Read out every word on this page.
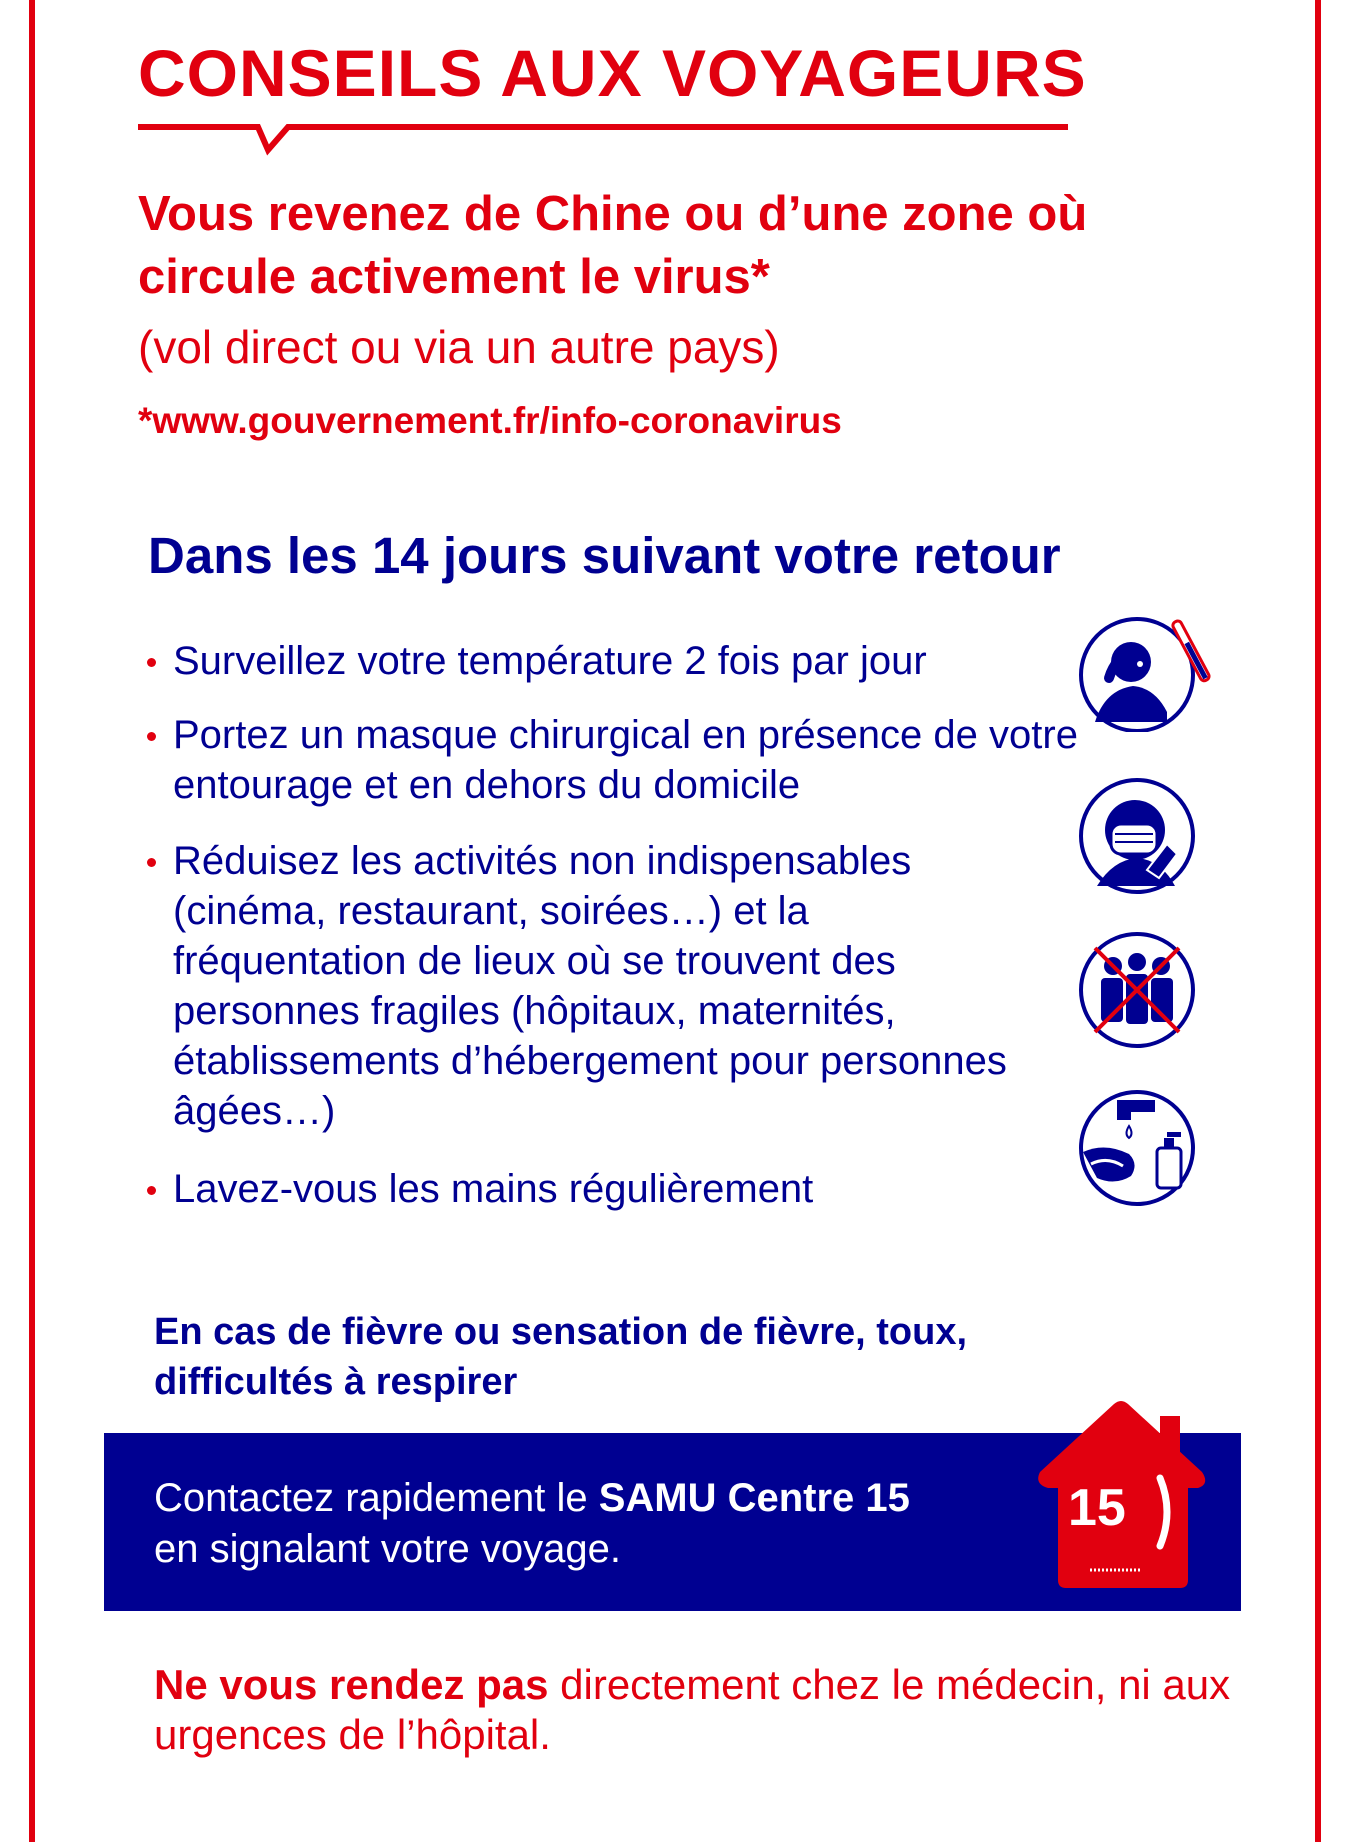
CONSEILS AUX VOYAGEURS

Vous revenez de Chine ou d’une zone où circule activement le virus*

(vol direct ou via un autre pays)

*www.gouvernement.fr/info-coronavirus
Dans les 14 jours suivant votre retour
Surveillez votre température 2 fois par jour
Portez un masque chirurgical en présence de votre entourage et en dehors du domicile
Réduisez les activités non indispensables (cinéma, restaurant, soirées…) et la fréquentation de lieux où se trouvent des personnes fragiles (hôpitaux, maternités, établissements d’hébergement pour personnes âgées…)
Lavez-vous les mains régulièrement

En cas de fièvre ou sensation de fièvre, toux, difficultés à respirer

Contactez rapidement le SAMU Centre 15
en signalant votre voyage.

15

Ne vous rendez pas directement chez le médecin, ni aux urgences de l’hôpital.
